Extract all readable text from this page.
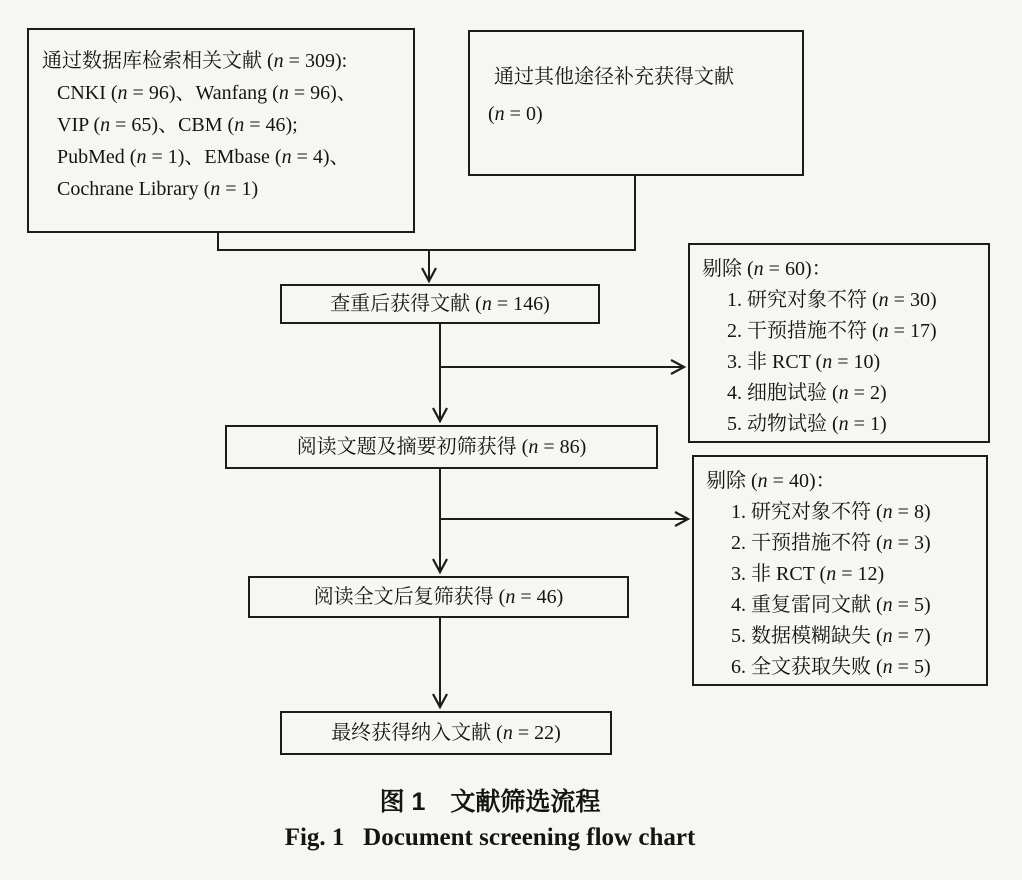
通过数据库检索相关文献 (n = 309):
CNKI (n = 96)、Wanfang (n = 96)、
VIP (n = 65)、CBM (n = 46);
PubMed (n = 1)、EMbase (n = 4)、
Cochrane Library (n = 1)
通过其他途径补充获得文献
(n = 0)
查重后获得文献 (n = 146)
剔除 (n = 60)：
1. 研究对象不符 (n = 30)
2. 干预措施不符 (n = 17)
3. 非 RCT (n = 10)
4. 细胞试验 (n = 2)
5. 动物试验 (n = 1)
阅读文题及摘要初筛获得 (n = 86)
剔除 (n = 40)：
1. 研究对象不符 (n = 8)
2. 干预措施不符 (n = 3)
3. 非 RCT (n = 12)
4. 重复雷同文献 (n = 5)
5. 数据模糊缺失 (n = 7)
6. 全文获取失败 (n = 5)
阅读全文后复筛获得 (n = 46)
最终获得纳入文献 (n = 22)
图 1　文献筛选流程
Fig. 1   Document screening flow chart
